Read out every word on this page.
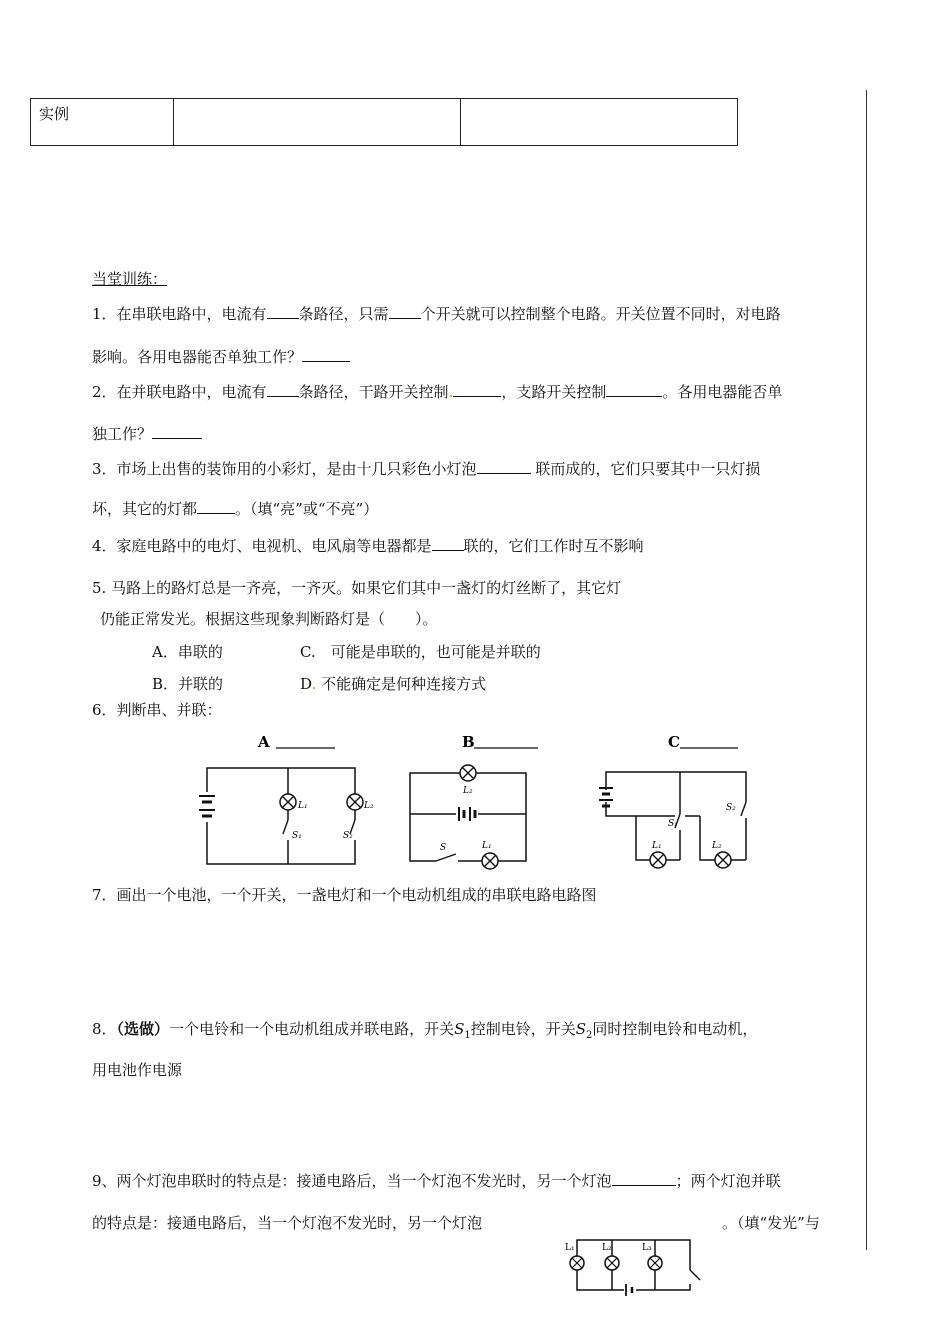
实例		
当堂训练：
1．在串联电路中，电流有 条路径，只需 个开关就可以控制整个电路。开关位置不同时，对电路
影响。各用电器能否单独工作？
2．在并联电路中，电流有 条路径，干路开关控制.	，支路开关控制	。各用电器能否单
独工作？
3．市场上出售的装饰用的小彩灯，是由十几只彩色小灯泡	联而成的，它们只要其中一只灯损
坏，其它的灯都	。（填“亮”或“不亮”）
4．家庭电路中的电灯、电视机、电风扇等电器都是 联的，它们工作时互不影响
5. 马路上的路灯总是一齐亮，一齐灭。如果它们其中一盏灯的灯丝断了，其它灯
仍能正常发光。根据这些现象判断路灯是（　　）。
A．串联的	C.　可能是串联的，也可能是并联的
B．并联的	D. 不能确定是何种连接方式
6．判断串、并联：
A
L₁	L₂
S₁	S₂
B
L₂
S	L₁
C
S₁
S₂
L₁	L₂
7．画出一个电池，一个开关，一盏电灯和一个电动机组成的串联电路电路图
8．（选做）一个电铃和一个电动机组成并联电路，开关$S_1$控制电铃，开关$S_2$同时控制电铃和电动机，
用电池作电源
9、两个灯泡串联时的特点是：接通电路后，当一个灯泡不发光时，另一个灯泡	；两个灯泡并联
的特点是：接通电路后，当一个灯泡不发光时，另一个灯泡	。（填“发光”与
L₁	L₂	L₃
